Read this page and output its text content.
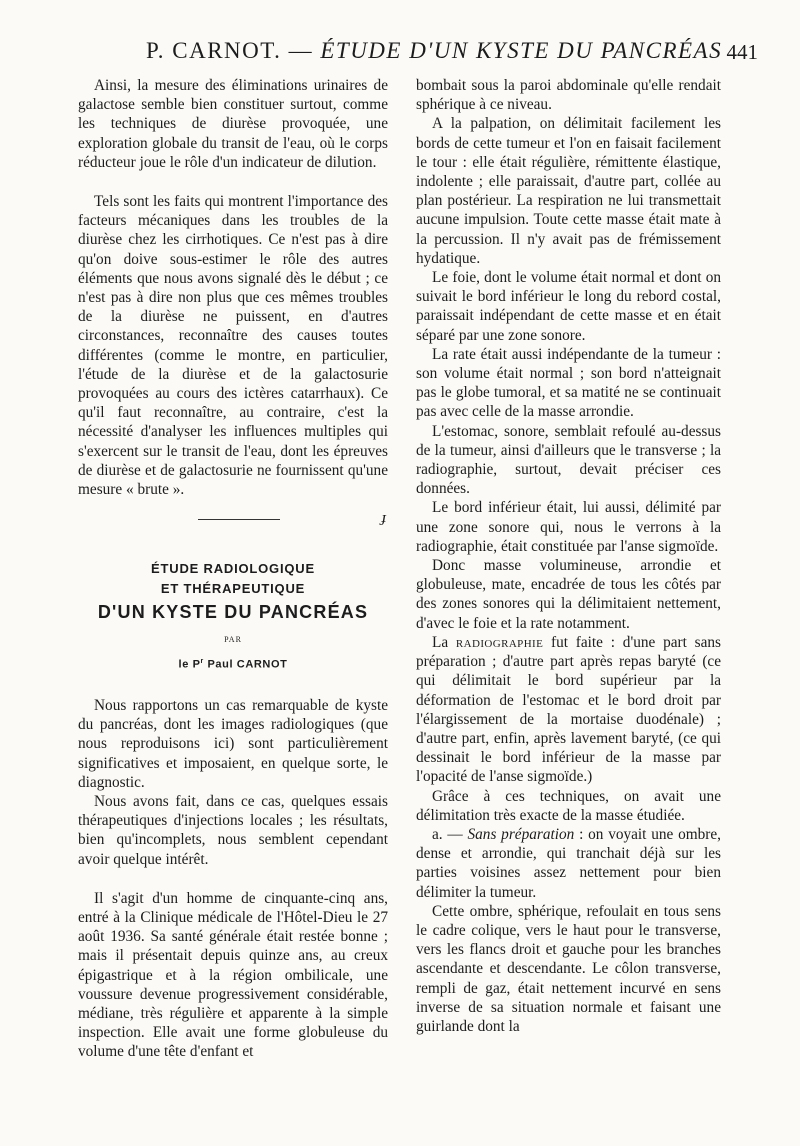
P. CARNOT. — ÉTUDE D'UN KYSTE DU PANCRÉAS 441

Ainsi, la mesure des éliminations urinaires de galactose semble bien constituer surtout, comme les techniques de diurèse provoquée, une exploration globale du transit de l'eau, où le corps réducteur joue le rôle d'un indicateur de dilution.

Tels sont les faits qui montrent l'importance des facteurs mécaniques dans les troubles de la diurèse chez les cirrhotiques. Ce n'est pas à dire qu'on doive sous-estimer le rôle des autres éléments que nous avons signalé dès le début ; ce n'est pas à dire non plus que ces mêmes troubles de la diurèse ne puissent, en d'autres circonstances, reconnaître des causes toutes différentes (comme le montre, en particulier, l'étude de la diurèse et de la galactosurie provoquées au cours des ictères catarrhaux). Ce qu'il faut reconnaître, au contraire, c'est la nécessité d'analyser les influences multiples qui s'exercent sur le transit de l'eau, dont les épreuves de diurèse et de galactosurie ne fournissent qu'une mesure « brute ».

ɟ
ÉTUDE RADIOLOGIQUE
ET THÉRAPEUTIQUE
D'UN KYSTE DU PANCRÉAS
PAR
le $P^r$ Paul CARNOT

Nous rapportons un cas remarquable de kyste du pancréas, dont les images radiologiques (que nous reproduisons ici) sont particulièrement significatives et imposaient, en quelque sorte, le diagnostic.

Nous avons fait, dans ce cas, quelques essais thérapeutiques d'injections locales ; les résultats, bien qu'incomplets, nous semblent cependant avoir quelque intérêt.

Il s'agit d'un homme de cinquante-cinq ans, entré à la Clinique médicale de l'Hôtel-Dieu le 27 août 1936. Sa santé générale était restée bonne ; mais il présentait depuis quinze ans, au creux épigastrique et à la région ombilicale, une voussure devenue progressivement considérable, médiane, très régulière et apparente à la simple inspection. Elle avait une forme globuleuse du volume d'une tête d'enfant et

bombait sous la paroi abdominale qu'elle rendait sphérique à ce niveau.

A la palpation, on délimitait facilement les bords de cette tumeur et l'on en faisait facilement le tour : elle était régulière, rémittente élastique, indolente ; elle paraissait, d'autre part, collée au plan postérieur. La respiration ne lui transmettait aucune impulsion. Toute cette masse était mate à la percussion. Il n'y avait pas de frémissement hydatique.

Le foie, dont le volume était normal et dont on suivait le bord inférieur le long du rebord costal, paraissait indépendant de cette masse et en était séparé par une zone sonore.

La rate était aussi indépendante de la tumeur : son volume était normal ; son bord n'atteignait pas le globe tumoral, et sa matité ne se continuait pas avec celle de la masse arrondie.

L'estomac, sonore, semblait refoulé au-dessus de la tumeur, ainsi d'ailleurs que le transverse ; la radiographie, surtout, devait préciser ces données.

Le bord inférieur était, lui aussi, délimité par une zone sonore qui, nous le verrons à la radiographie, était constituée par l'anse sigmoïde.

Donc masse volumineuse, arrondie et globuleuse, mate, encadrée de tous les côtés par des zones sonores qui la délimitaient nettement, d'avec le foie et la rate notamment.

La radiographie fut faite : d'une part sans préparation ; d'autre part après repas baryté (ce qui délimitait le bord supérieur par la déformation de l'estomac et le bord droit par l'élargissement de la mortaise duodénale) ; d'autre part, enfin, après lavement baryté, (ce qui dessinait le bord inférieur de la masse par l'opacité de l'anse sigmoïde.)

Grâce à ces techniques, on avait une délimitation très exacte de la masse étudiée.

a. — Sans préparation : on voyait une ombre, dense et arrondie, qui tranchait déjà sur les parties voisines assez nettement pour bien délimiter la tumeur.

Cette ombre, sphérique, refoulait en tous sens le cadre colique, vers le haut pour le transverse, vers les flancs droit et gauche pour les branches ascendante et descendante. Le côlon transverse, rempli de gaz, était nettement incurvé en sens inverse de sa situation normale et faisant une guirlande dont la
